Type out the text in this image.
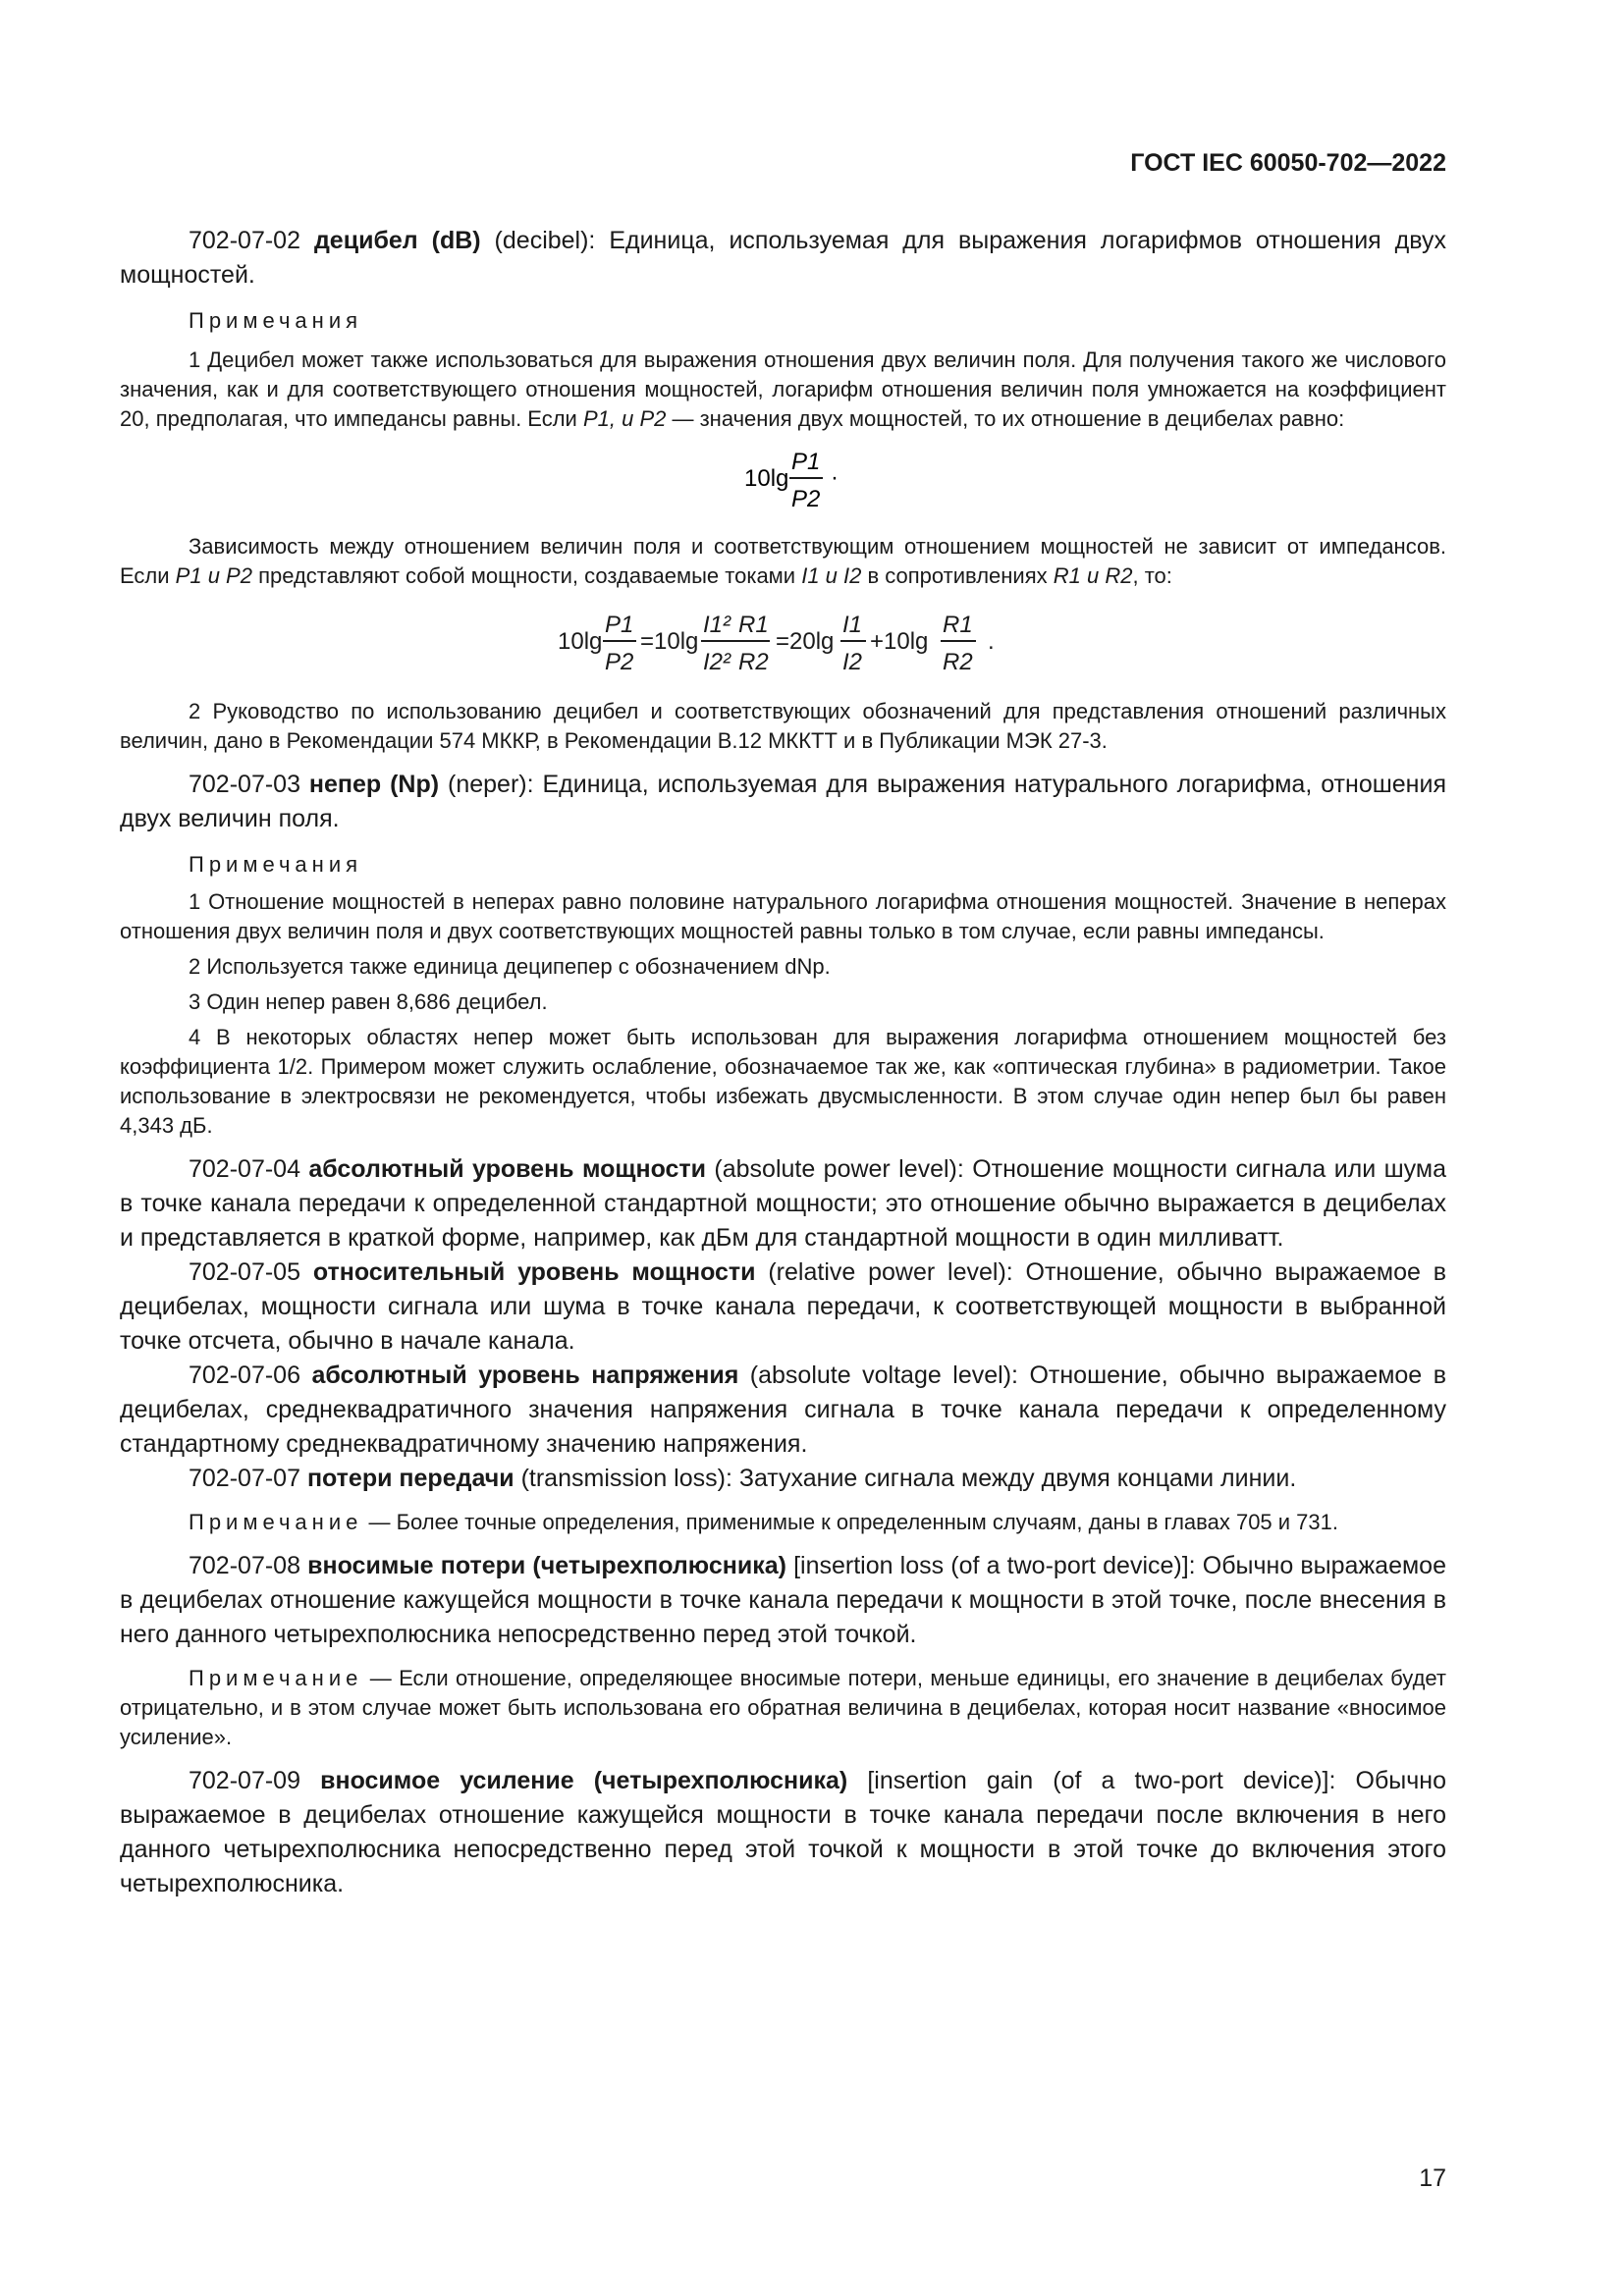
ГОСТ IEC 60050-702—2022

702-07-02 децибел (dB) (decibel): Единица, используемая для выражения логарифмов отношения двух мощностей.

Примечания

1 Децибел может также использоваться для выражения отношения двух величин поля. Для получения такого же числового значения, как и для соответствующего отношения мощностей, логарифм отношения величин поля умножается на коэффициент 20, предполагая, что импедансы равны. Если P1, и P2 — значения двух мощностей, то их отношение в децибелах равно:

10lg
P1
P2
·

Зависимость между отношением величин поля и соответствующим отношением мощностей не зависит от импедансов. Если P1 и P2 представляют собой мощности, создаваемые токами I1 и I2 в сопротивлениях R1 и R2, то:

10lg
P1
P2
=10lg
I1² R1
I2² R2
=20lg
I1
I2
+10lg
R1
R2
.

2 Руководство по использованию децибел и соответствующих обозначений для представления отношений различных величин, дано в Рекомендации 574 МККР, в Рекомендации B.12 МККТТ и в Публикации МЭК 27-3.

702-07-03 непер (Np) (neper): Единица, используемая для выражения натурального логарифма, отношения двух величин поля.

Примечания

1 Отношение мощностей в неперах равно половине натурального логарифма отношения мощностей. Значение в неперах отношения двух величин поля и двух соответствующих мощностей равны только в том случае, если равны импедансы.

2 Используется также единица деципепер с обозначением dNp.

3 Один непер равен 8,686 децибел.

4 В некоторых областях непер может быть использован для выражения логарифма отношением мощностей без коэффициента 1/2. Примером может служить ослабление, обозначаемое так же, как «оптическая глубина» в радиометрии. Такое использование в электросвязи не рекомендуется, чтобы избежать двусмысленности. В этом случае один непер был бы равен 4,343 дБ.

702-07-04 абсолютный уровень мощности (absolute power level): Отношение мощности сигнала или шума в точке канала передачи к определенной стандартной мощности; это отношение обычно выражается в децибелах и представляется в краткой форме, например, как дБм для стандартной мощности в один милливатт.

702-07-05 относительный уровень мощности (relative power level): Отношение, обычно выражаемое в децибелах, мощности сигнала или шума в точке канала передачи, к соответствующей мощности в выбранной точке отсчета, обычно в начале канала.

702-07-06 абсолютный уровень напряжения (absolute voltage level): Отношение, обычно выражаемое в децибелах, среднеквадратичного значения напряжения сигнала в точке канала передачи к определенному стандартному среднеквадратичному значению напряжения.

702-07-07 потери передачи (transmission loss): Затухание сигнала между двумя концами линии.

Примечание — Более точные определения, применимые к определенным случаям, даны в главах 705 и 731.

702-07-08 вносимые потери (четырехполюсника) [insertion loss (of a two-port device)]: Обычно выражаемое в децибелах отношение кажущейся мощности в точке канала передачи к мощности в этой точке, после внесения в него данного четырехполюсника непосредственно перед этой точкой.

Примечание — Если отношение, определяющее вносимые потери, меньше единицы, его значение в децибелах будет отрицательно, и в этом случае может быть использована его обратная величина в децибелах, которая носит название «вносимое усиление».

702-07-09 вносимое усиление (четырехполюсника) [insertion gain (of a two-port device)]: Обычно выражаемое в децибелах отношение кажущейся мощности в точке канала передачи после включения в него данного четырехполюсника непосредственно перед этой точкой к мощности в этой точке до включения этого четырехполюсника.

17
